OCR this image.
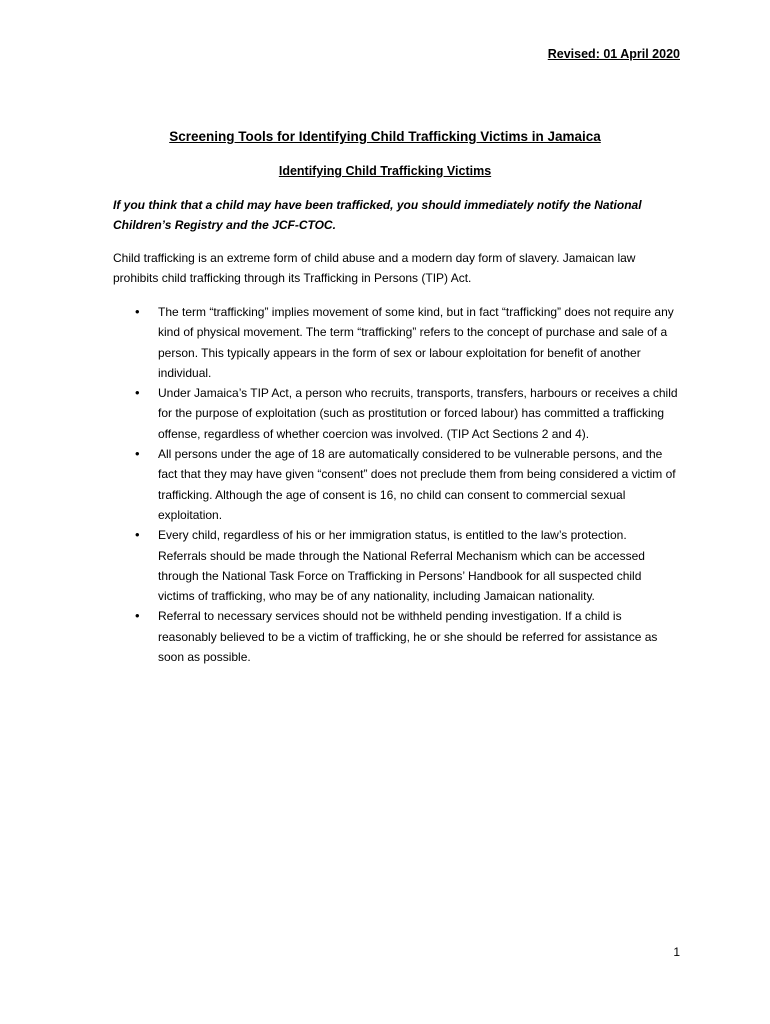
Revised: 01 April 2020
Screening Tools for Identifying Child Trafficking Victims in Jamaica
Identifying Child Trafficking Victims
If you think that a child may have been trafficked, you should immediately notify the National Children’s Registry and the JCF-CTOC.
Child trafficking is an extreme form of child abuse and a modern day form of slavery. Jamaican law prohibits child trafficking through its Trafficking in Persons (TIP) Act.
• The term “trafficking” implies movement of some kind, but in fact “trafficking” does not require any kind of physical movement. The term “trafficking” refers to the concept of purchase and sale of a person. This typically appears in the form of sex or labour exploitation for benefit of another individual.
• Under Jamaica’s TIP Act, a person who recruits, transports, transfers, harbours or receives a child for the purpose of exploitation (such as prostitution or forced labour) has committed a trafficking offense, regardless of whether coercion was involved. (TIP Act Sections 2 and 4).
• All persons under the age of 18 are automatically considered to be vulnerable persons, and the fact that they may have given “consent” does not preclude them from being considered a victim of trafficking. Although the age of consent is 16, no child can consent to commercial sexual exploitation.
• Every child, regardless of his or her immigration status, is entitled to the law’s protection. Referrals should be made through the National Referral Mechanism which can be accessed through the National Task Force on Trafficking in Persons’ Handbook for all suspected child victims of trafficking, who may be of any nationality, including Jamaican nationality.
• Referral to necessary services should not be withheld pending investigation. If a child is reasonably believed to be a victim of trafficking, he or she should be referred for assistance as soon as possible.
1
